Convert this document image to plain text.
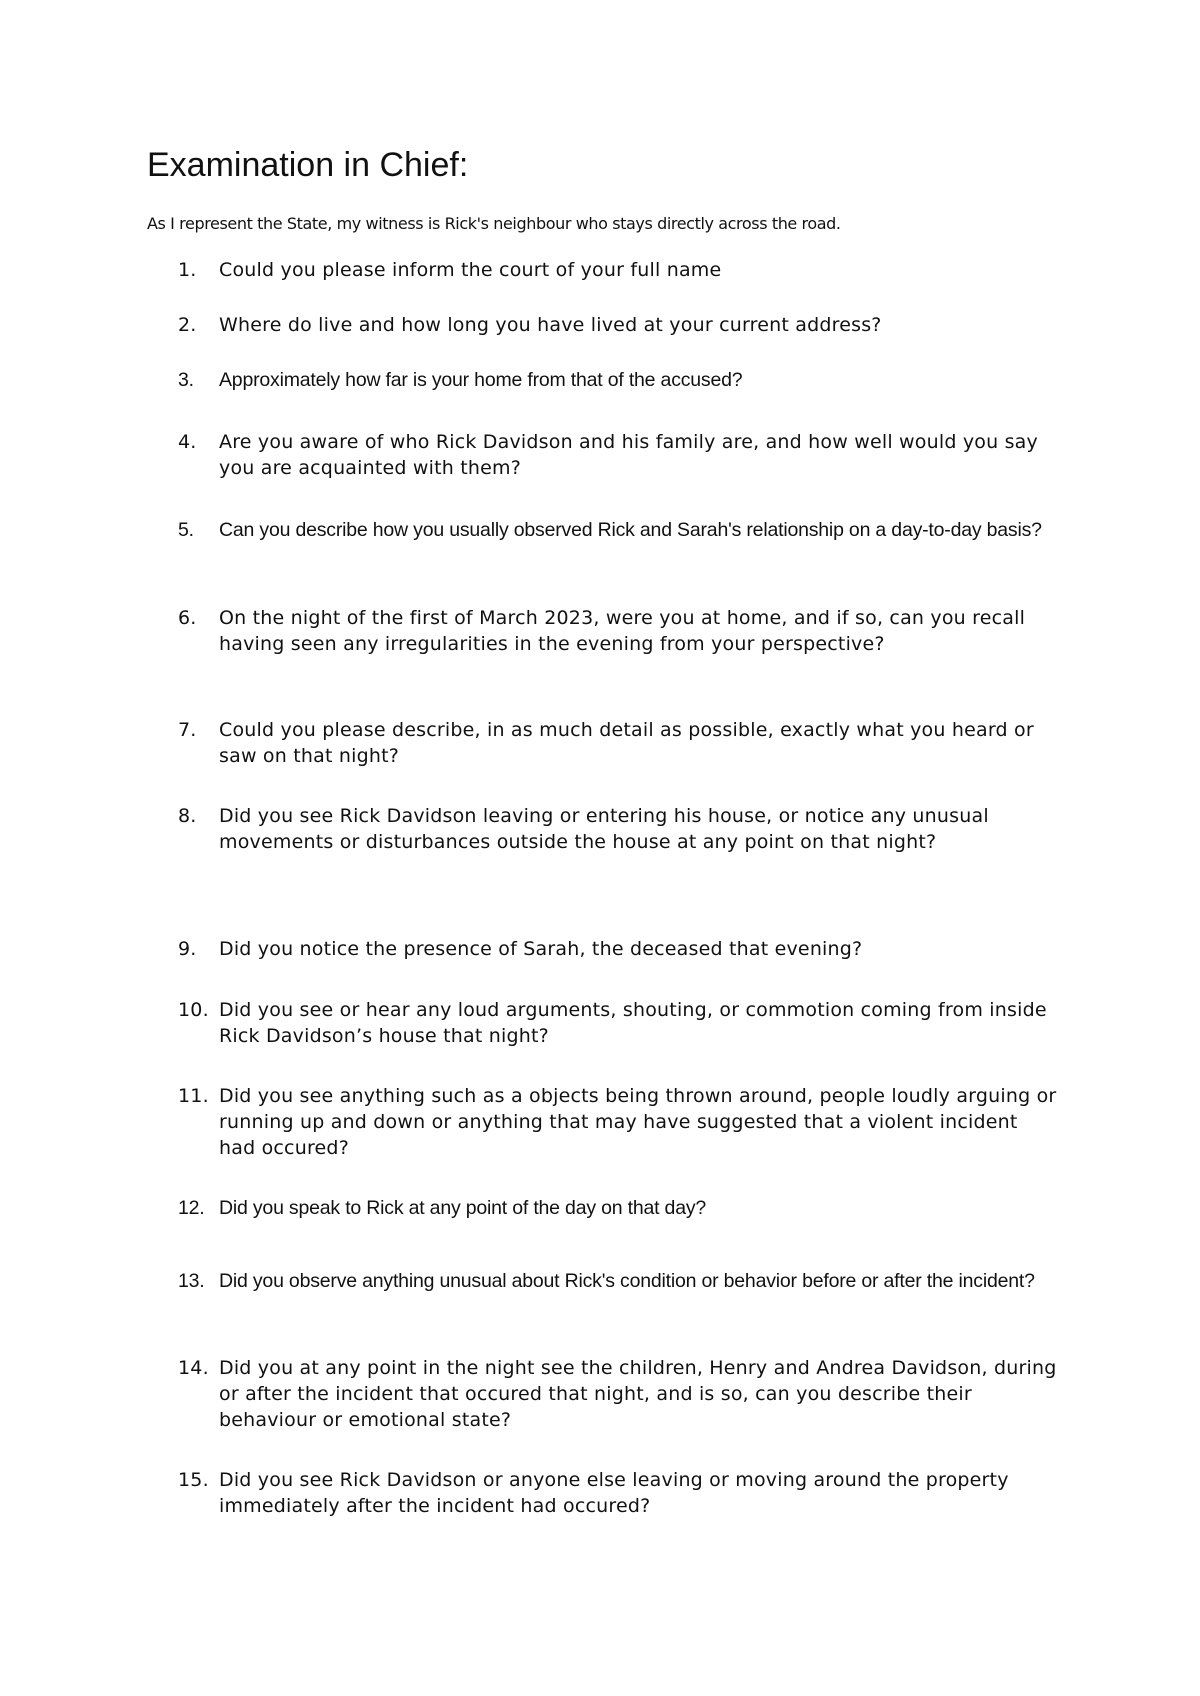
Examination in Chief:

As I represent the State, my witness is Rick's neighbour who stays directly across the road.

1.	Could you please inform the court of your full name
2.	Where do live and how long you have lived at your current address?
3.	Approximately how far is your home from that of the accused?
4.	Are you aware of who Rick Davidson and his family are, and how well would you say you are acquainted with them?
5.	Can you describe how you usually observed Rick and Sarah's relationship on a day-to-day basis?
6.	On the night of the first of March 2023, were you at home, and if so, can you recall having seen any irregularities in the evening from your perspective?
7.	Could you please describe, in as much detail as possible, exactly what you heard or saw on that night?
8.	Did you see Rick Davidson leaving or entering his house, or notice any unusual movements or disturbances outside the house at any point on that night?
9.	Did you notice the presence of Sarah, the deceased that evening?
10. Did you see or hear any loud arguments, shouting, or commotion coming from inside Rick Davidson’s house that night?
11. Did you see anything such as a objects being thrown around, people loudly arguing or running up and down or anything that may have suggested that a violent incident had occured?
12. Did you speak to Rick at any point of the day on that day?
13. Did you observe anything unusual about Rick's condition or behavior before or after the incident?
14. Did you at any point in the night see the children, Henry and Andrea Davidson, during or after the incident that occured that night, and is so, can you describe their behaviour or emotional state?
15. Did you see Rick Davidson or anyone else leaving or moving around the property immediately after the incident had occured?
